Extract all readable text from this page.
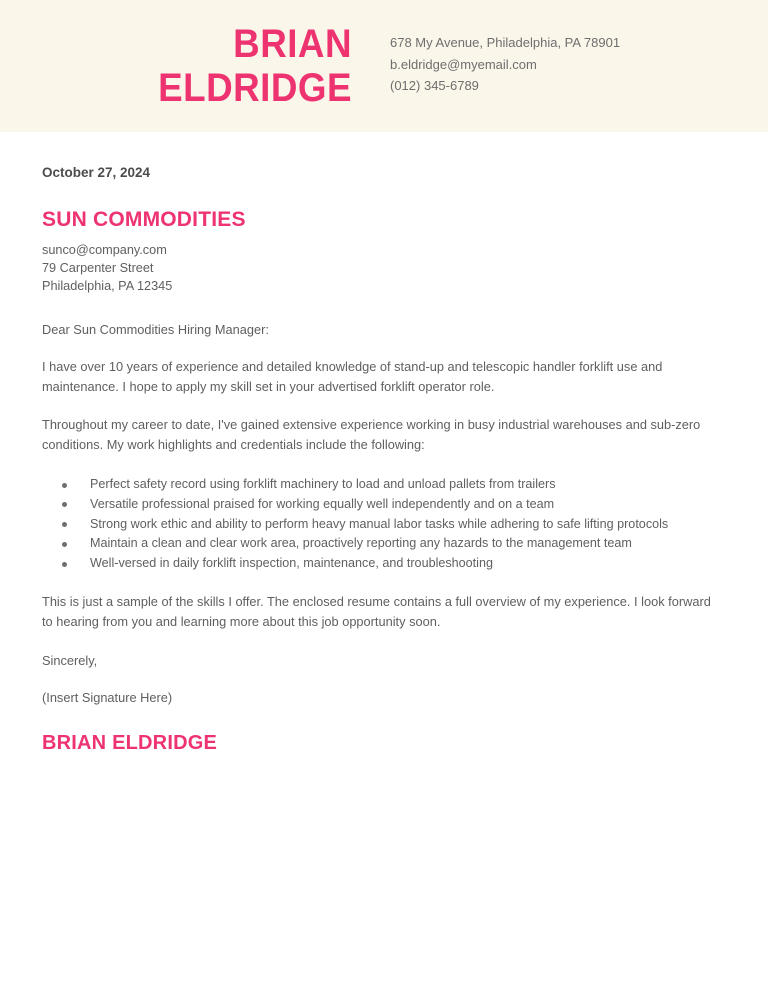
BRIAN
ELDRIDGE
678 My Avenue, Philadelphia, PA 78901
b.eldridge@myemail.com
(012) 345-6789
October 27, 2024
SUN COMMODITIES
sunco@company.com
79 Carpenter Street
Philadelphia, PA 12345
Dear Sun Commodities Hiring Manager:
I have over 10 years of experience and detailed knowledge of stand-up and telescopic handler forklift use and maintenance. I hope to apply my skill set in your advertised forklift operator role.
Throughout my career to date, I've gained extensive experience working in busy industrial warehouses and sub-zero conditions. My work highlights and credentials include the following:
Perfect safety record using forklift machinery to load and unload pallets from trailers
Versatile professional praised for working equally well independently and on a team
Strong work ethic and ability to perform heavy manual labor tasks while adhering to safe lifting protocols
Maintain a clean and clear work area, proactively reporting any hazards to the management team
Well-versed in daily forklift inspection, maintenance, and troubleshooting
This is just a sample of the skills I offer. The enclosed resume contains a full overview of my experience. I look forward to hearing from you and learning more about this job opportunity soon.
Sincerely,
(Insert Signature Here)
BRIAN ELDRIDGE
